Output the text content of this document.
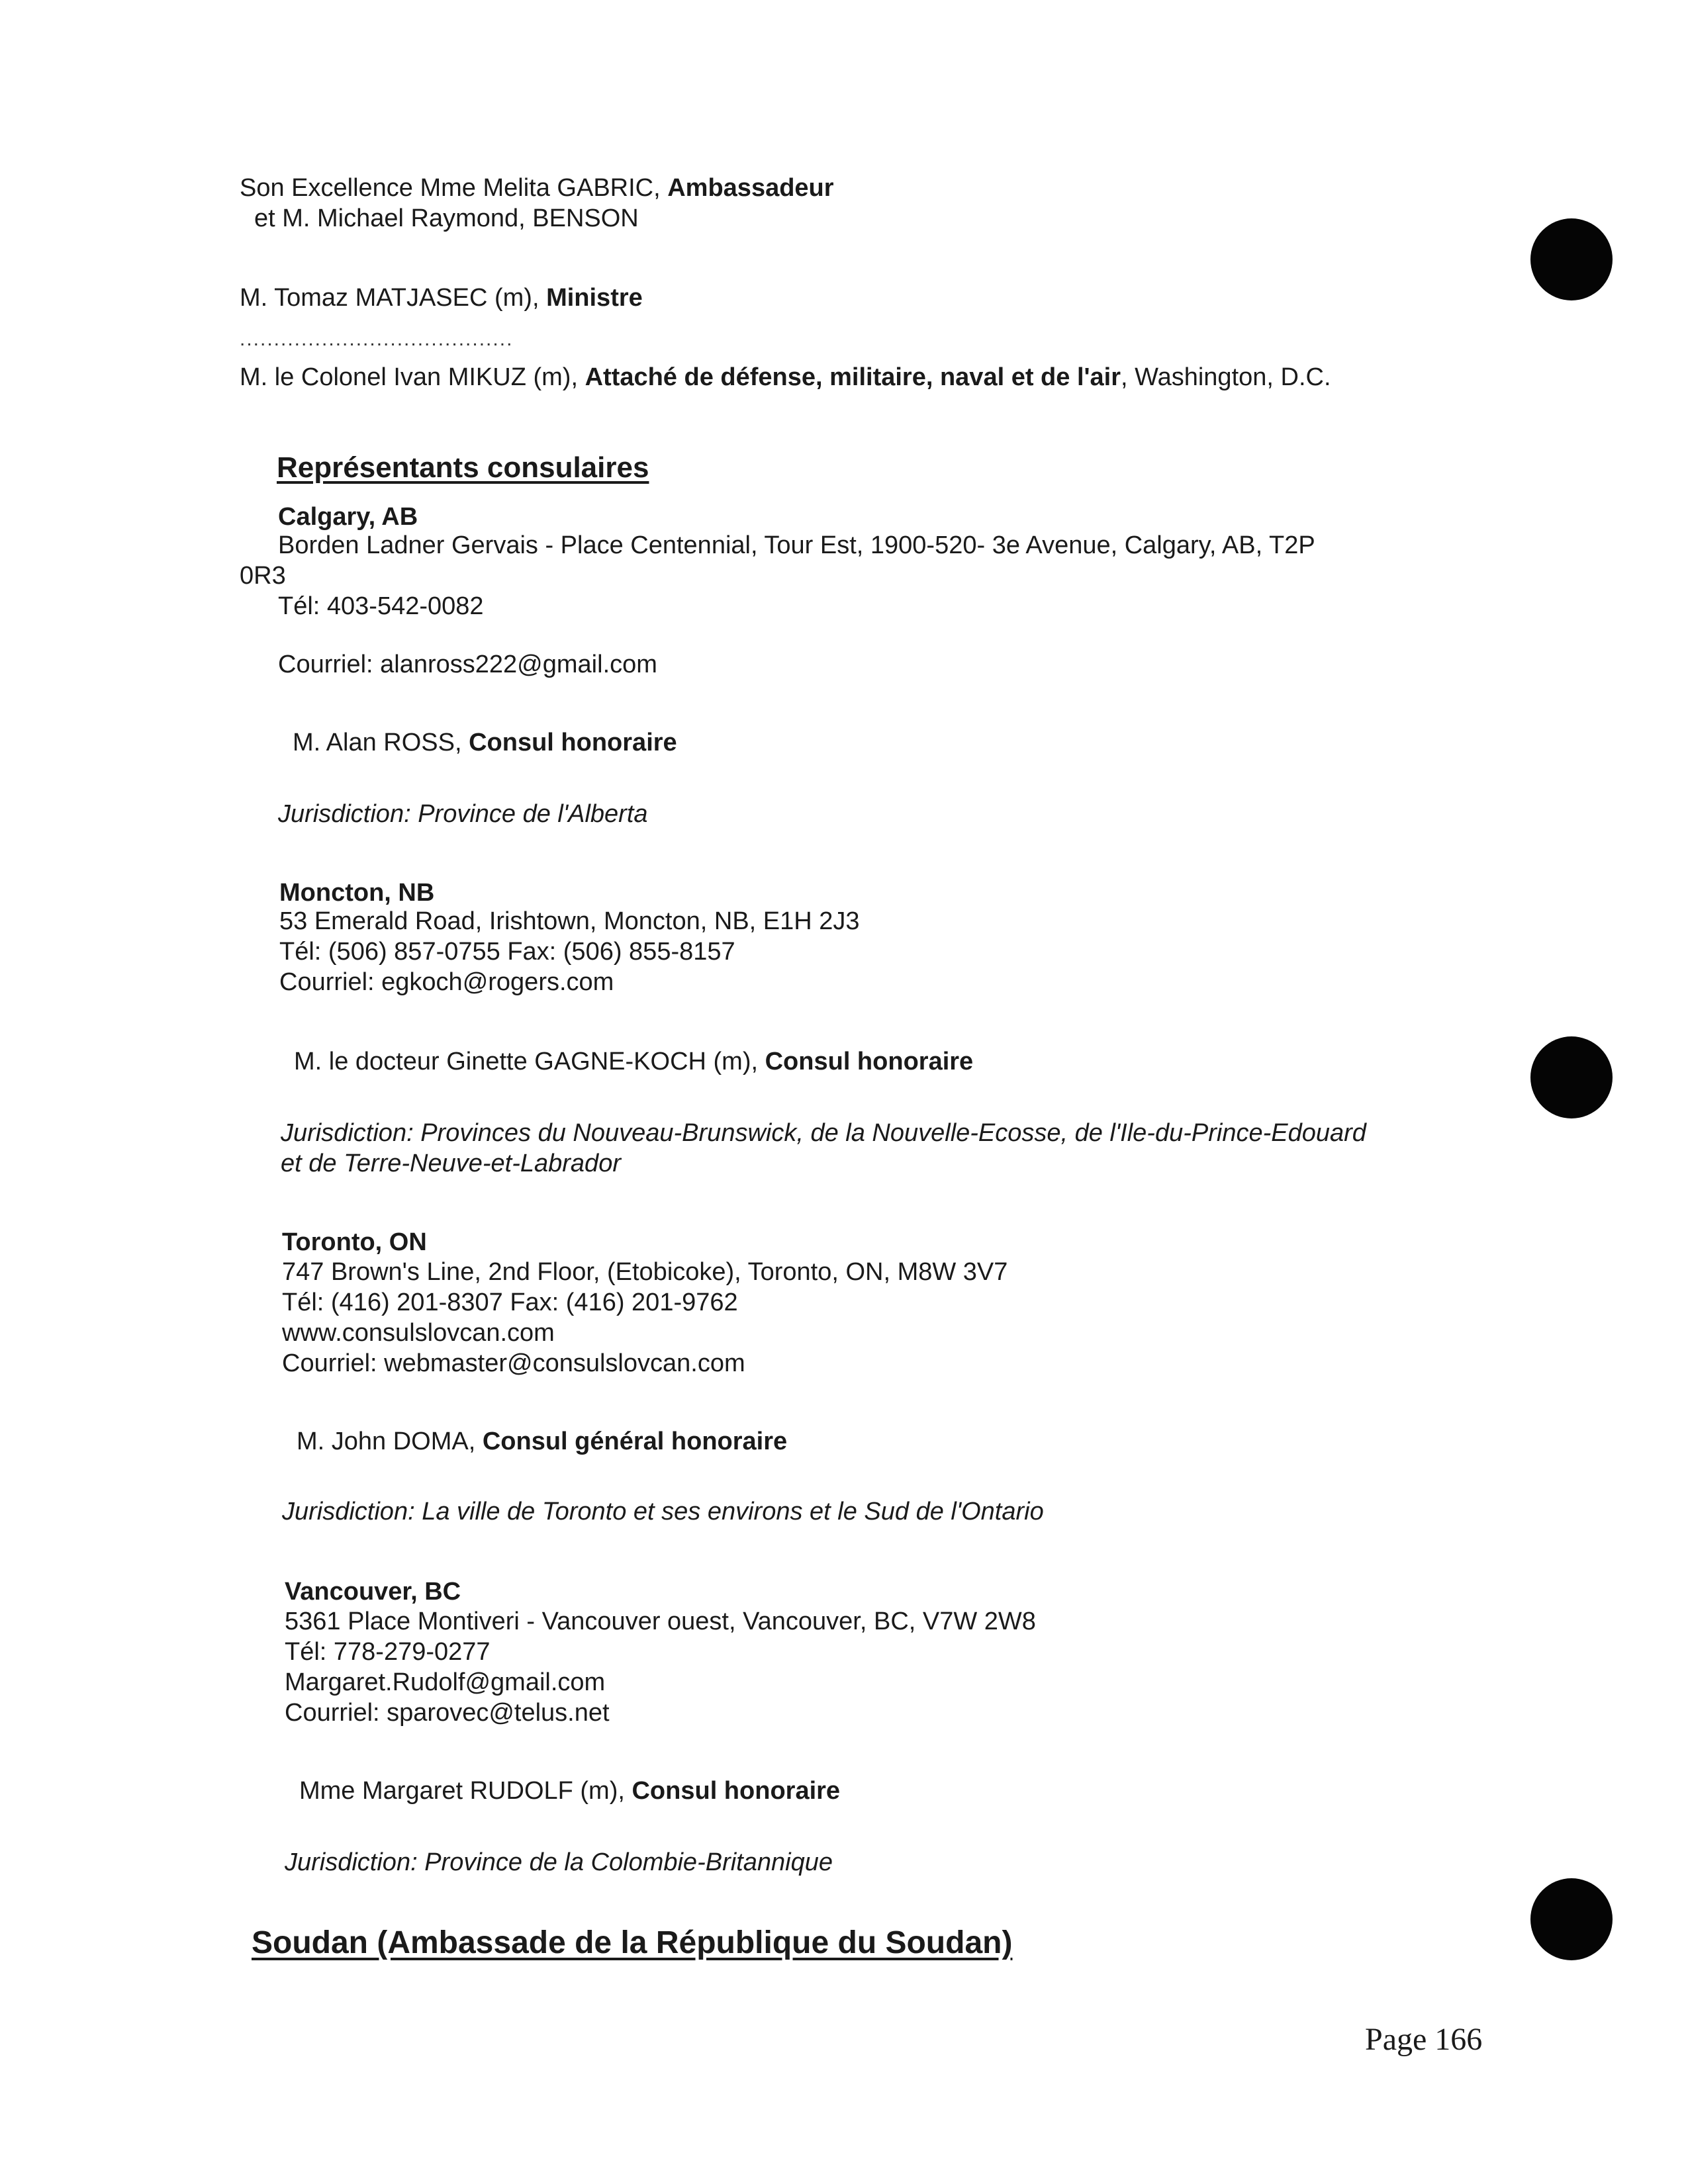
Son Excellence Mme Melita GABRIC, Ambassadeur
et M. Michael Raymond, BENSON
M. Tomaz MATJASEC (m), Ministre
........................................
M. le Colonel Ivan MIKUZ (m), Attaché de défense, militaire, naval et de l'air, Washington, D.C.
Représentants consulaires
Calgary, AB
Borden Ladner Gervais - Place Centennial, Tour Est, 1900-520- 3e Avenue, Calgary, AB, T2P
0R3
Tél: 403-542-0082
Courriel: alanross222@gmail.com
M. Alan ROSS, Consul honoraire
Jurisdiction: Province de l'Alberta
Moncton, NB
53 Emerald Road, Irishtown, Moncton, NB, E1H 2J3
Tél: (506) 857-0755 Fax: (506) 855-8157
Courriel: egkoch@rogers.com
M. le docteur Ginette GAGNE-KOCH (m), Consul honoraire
Jurisdiction: Provinces du Nouveau-Brunswick, de la Nouvelle-Ecosse, de l'Ile-du-Prince-Edouard
et de Terre-Neuve-et-Labrador
Toronto, ON
747 Brown's Line, 2nd Floor, (Etobicoke), Toronto, ON, M8W 3V7
Tél: (416) 201-8307 Fax: (416) 201-9762
www.consulslovcan.com
Courriel: webmaster@consulslovcan.com
M. John DOMA, Consul général honoraire
Jurisdiction: La ville de Toronto et ses environs et le Sud de l'Ontario
Vancouver, BC
5361 Place Montiveri - Vancouver ouest, Vancouver, BC, V7W 2W8
Tél: 778-279-0277
Margaret.Rudolf@gmail.com
Courriel: sparovec@telus.net
Mme Margaret RUDOLF (m), Consul honoraire
Jurisdiction: Province de la Colombie-Britannique
Soudan (Ambassade de la République du Soudan)
Page 166
